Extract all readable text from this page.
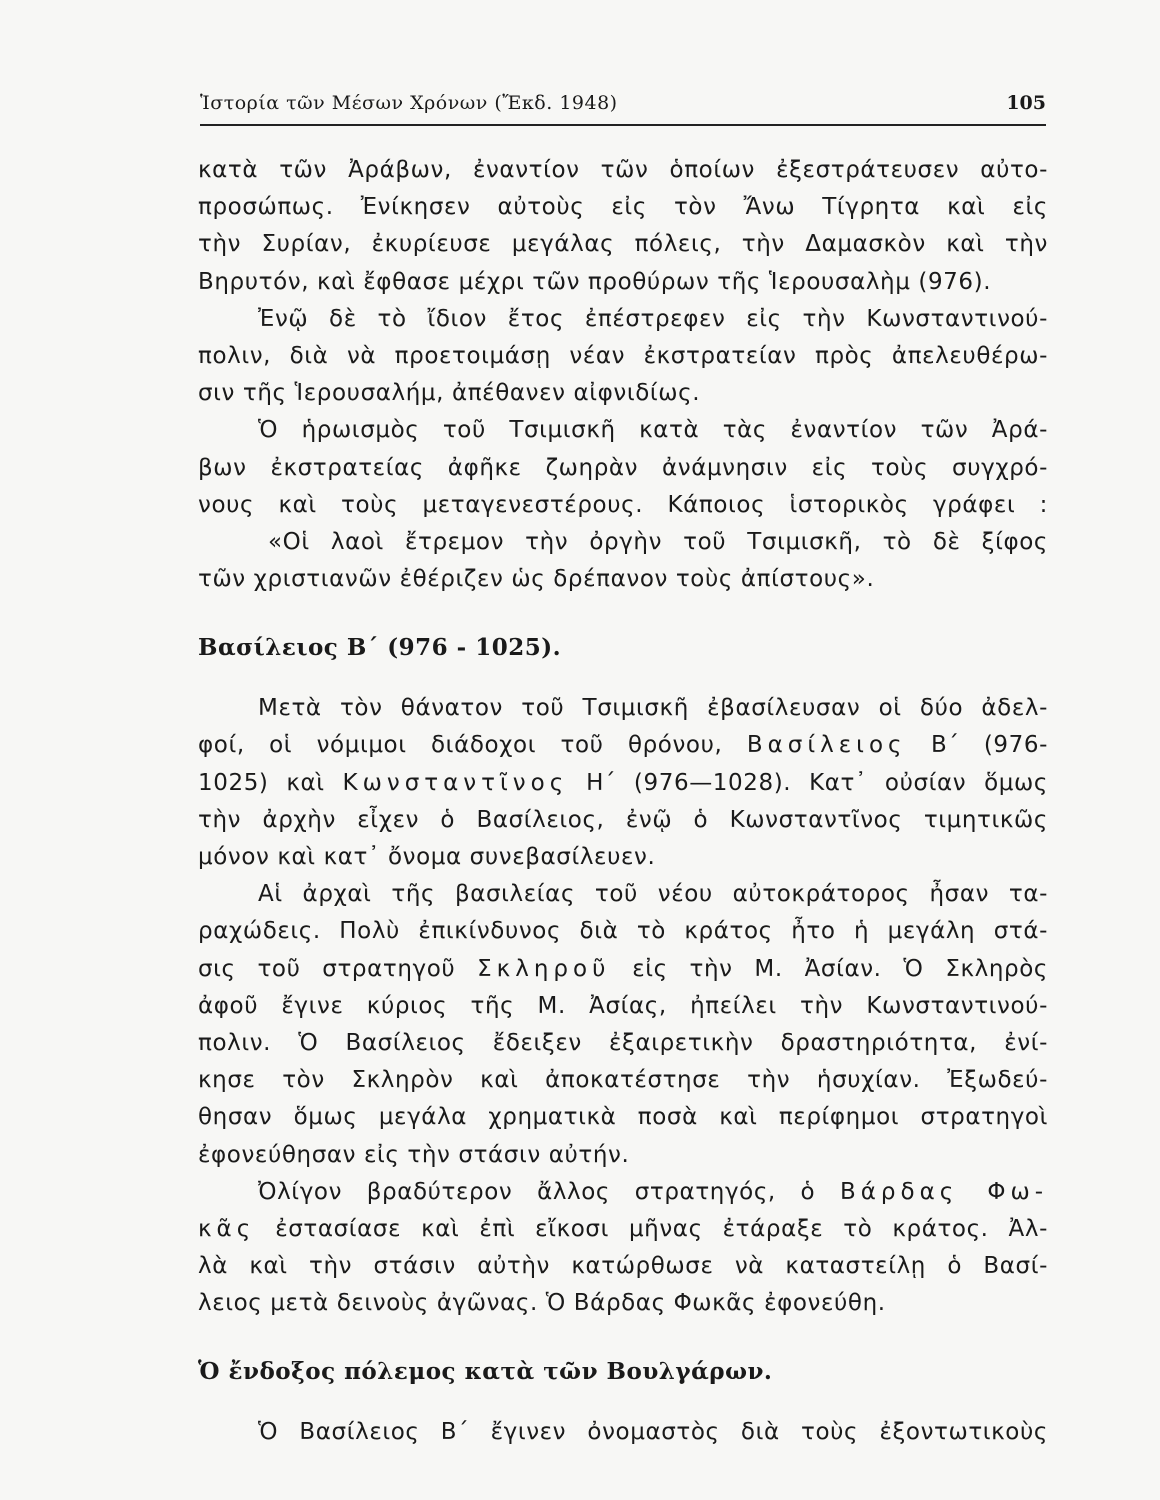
Ἱστορία τῶν Μέσων Χρόνων (Ἔκδ. 1948)	105
κατὰ τῶν Ἀράβων, ἐναντίον τῶν ὁποίων ἐξεστράτευσεν αὐτο-
προσώπως. Ἐνίκησεν αὐτοὺς εἰς τὸν Ἄνω Τίγρητα καὶ εἰς
τὴν Συρίαν, ἐκυρίευσε μεγάλας πόλεις, τὴν Δαμασκὸν καὶ τὴν
Βηρυτόν, καὶ ἔφθασε μέχρι τῶν προθύρων τῆς Ἱερουσαλὴμ (976).
Ἐνῷ δὲ τὸ ἴδιον ἔτος ἐπέστρεφεν εἰς τὴν Κωνσταντινού-
πολιν, διὰ νὰ προετοιμάσῃ νέαν ἐκστρατείαν πρὸς ἀπελευθέρω-
σιν τῆς Ἱερουσαλήμ, ἀπέθανεν αἰφνιδίως.
Ὁ ἡρωισμὸς τοῦ Τσιμισκῆ κατὰ τὰς ἐναντίον τῶν Ἀρά-
βων ἐκστρατείας ἀφῆκε ζωηρὰν ἀνάμνησιν εἰς τοὺς συγχρό-
νους καὶ τοὺς μεταγενεστέρους. Κάποιος ἱστορικὸς γράφει :
«Οἱ λαοὶ ἔτρεμον τὴν ὀργὴν τοῦ Τσιμισκῆ, τὸ δὲ ξίφος
τῶν χριστιανῶν ἐθέριζεν ὡς δρέπανον τοὺς ἀπίστους».
Βασίλειος Β΄ (976 - 1025).
Μετὰ τὸν θάνατον τοῦ Τσιμισκῆ ἐβασίλευσαν οἱ δύο ἀδελ-
φοί, οἱ νόμιμοι διάδοχοι τοῦ θρόνου, Βασίλειος Β΄ (976-
1025) καὶ Κωνσταντῖνος Η΄ (976—1028). Κατ᾽ οὐσίαν ὅμως
τὴν ἀρχὴν εἶχεν ὁ Βασίλειος, ἐνῷ ὁ Κωνσταντῖνος τιμητικῶς
μόνον καὶ κατ᾽ ὄνομα συνεβασίλευεν.
Αἱ ἀρχαὶ τῆς βασιλείας τοῦ νέου αὐτοκράτορος ἦσαν τα-
ραχώδεις. Πολὺ ἐπικίνδυνος διὰ τὸ κράτος ἦτο ἡ μεγάλη στά-
σις τοῦ στρατηγοῦ Σκληροῦ εἰς τὴν Μ. Ἀσίαν. Ὁ Σκληρὸς
ἀφοῦ ἔγινε κύριος τῆς Μ. Ἀσίας, ἠπείλει τὴν Κωνσταντινού-
πολιν. Ὁ Βασίλειος ἔδειξεν ἐξαιρετικὴν δραστηριότητα, ἐνί-
κησε τὸν Σκληρὸν καὶ ἀποκατέστησε τὴν ἡσυχίαν. Ἐξωδεύ-
θησαν ὅμως μεγάλα χρηματικὰ ποσὰ καὶ περίφημοι στρατηγοὶ
ἐφονεύθησαν εἰς τὴν στάσιν αὐτήν.
Ὀλίγον βραδύτερον ἄλλος στρατηγός, ὁ Βάρδας Φω-
κᾶς ἐστασίασε καὶ ἐπὶ εἴκοσι μῆνας ἐτάραξε τὸ κράτος. Ἀλ-
λὰ καὶ τὴν στάσιν αὐτὴν κατώρθωσε νὰ καταστείλῃ ὁ Βασί-
λειος μετὰ δεινοὺς ἀγῶνας. Ὁ Βάρδας Φωκᾶς ἐφονεύθη.
Ὁ ἔνδοξος πόλεμος κατὰ τῶν Βουλγάρων.
Ὁ Βασίλειος Β΄ ἔγινεν ὀνομαστὸς διὰ τοὺς ἐξοντωτικοὺς
